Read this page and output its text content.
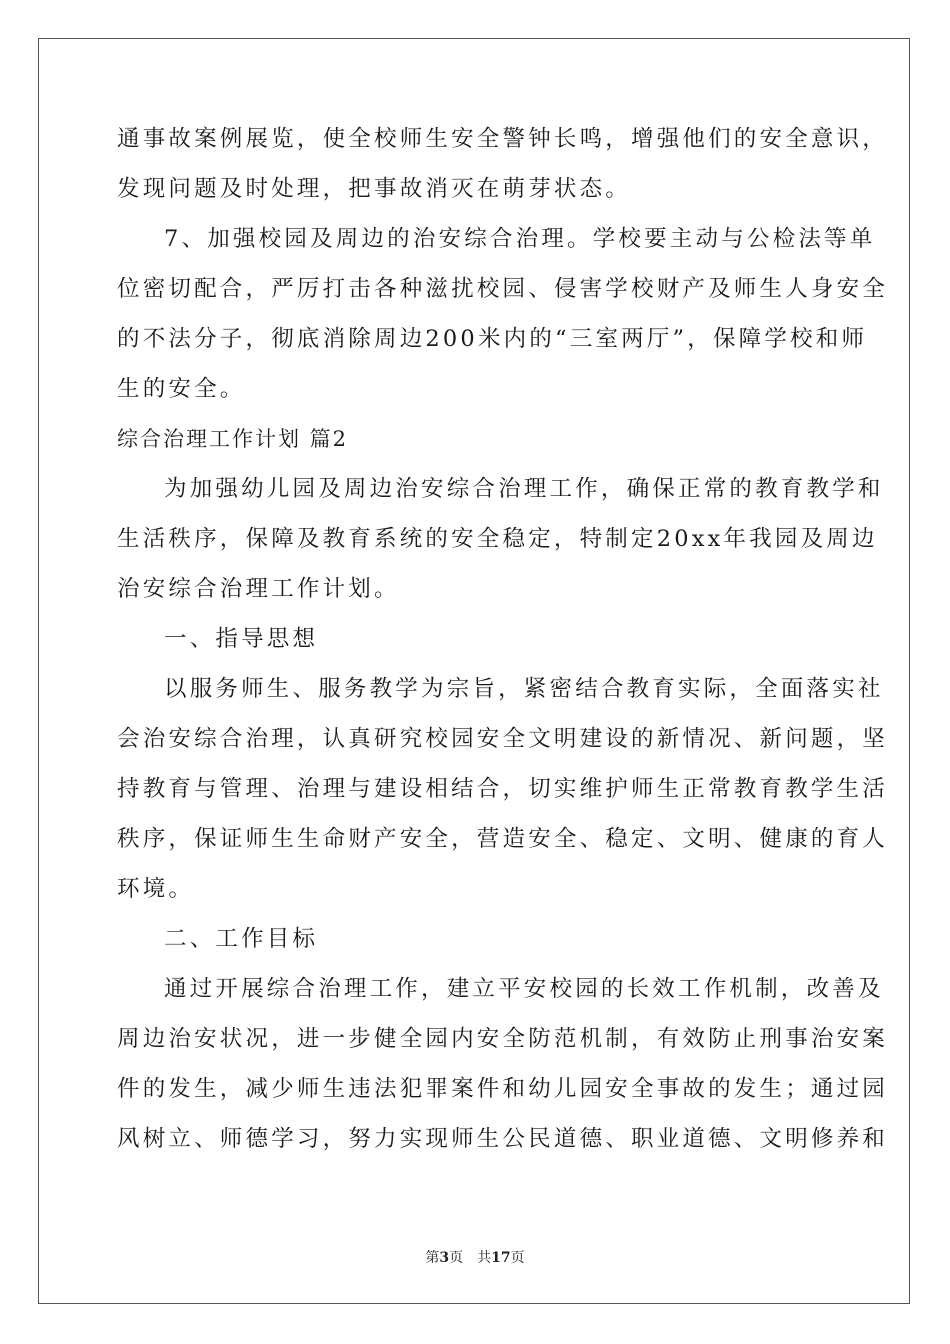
通事故案例展览，使全校师生安全警钟长鸣，增强他们的安全意识，
发现问题及时处理，把事故消灭在萌芽状态。
7、加强校园及周边的治安综合治理。学校要主动与公检法等单
位密切配合，严厉打击各种滋扰校园、侵害学校财产及师生人身安全
的不法分子，彻底消除周边200米内的“三室两厅”，保障学校和师
生的安全。
综合治理工作计划 篇2
为加强幼儿园及周边治安综合治理工作，确保正常的教育教学和
生活秩序，保障及教育系统的安全稳定，特制定20xx年我园及周边
治安综合治理工作计划。
一、指导思想
以服务师生、服务教学为宗旨，紧密结合教育实际，全面落实社
会治安综合治理，认真研究校园安全文明建设的新情况、新问题，坚
持教育与管理、治理与建设相结合，切实维护师生正常教育教学生活
秩序，保证师生生命财产安全，营造安全、稳定、文明、健康的育人
环境。
二、工作目标
通过开展综合治理工作，建立平安校园的长效工作机制，改善及
周边治安状况，进一步健全园内安全防范机制，有效防止刑事治安案
件的发生，减少师生违法犯罪案件和幼儿园安全事故的发生；通过园
风树立、师德学习，努力实现师生公民道德、职业道德、文明修养和
第3页 共17页
